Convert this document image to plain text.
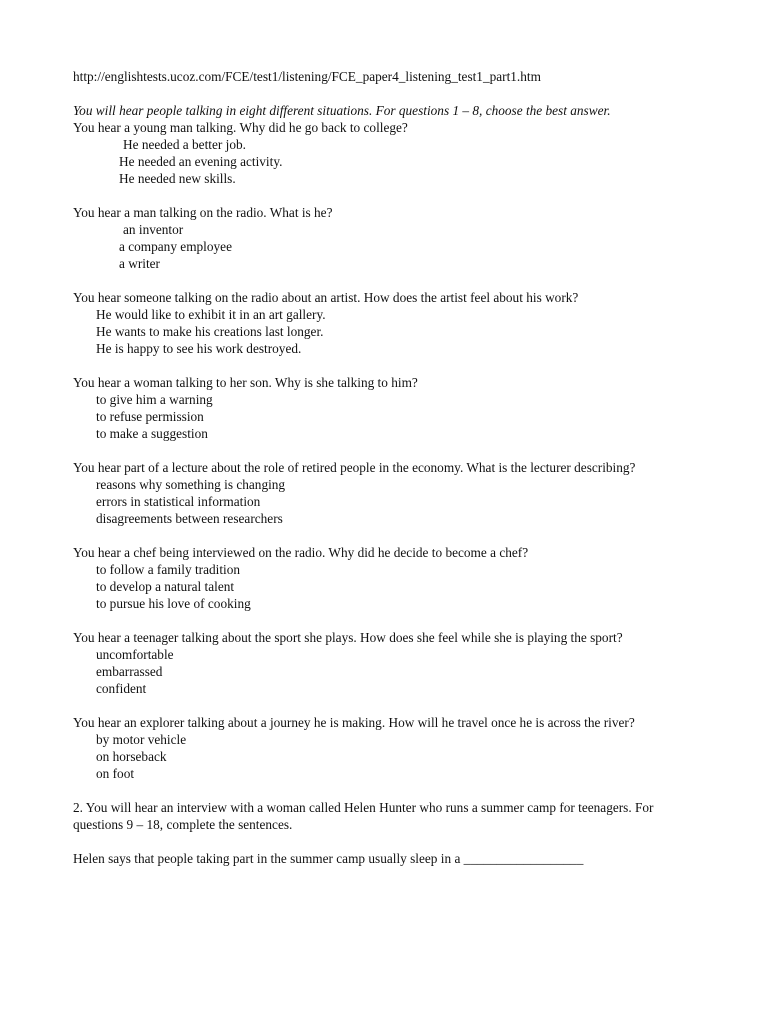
http://englishtests.ucoz.com/FCE/test1/listening/FCE_paper4_listening_test1_part1.htm
You will hear people talking in eight different situations. For questions 1 – 8, choose the best answer.
You hear a young man talking. Why did he go back to college?
He needed a better job.
He needed an evening activity.
He needed new skills.
You hear a man talking on the radio. What is he?
an inventor
a company employee
a writer
You hear someone talking on the radio about an artist. How does the artist feel about his work?
He would like to exhibit it in an art gallery.
He wants to make his creations last longer.
He is happy to see his work destroyed.
You hear a woman talking to her son. Why is she talking to him?
to give him a warning
to refuse permission
to make a suggestion
You hear part of a lecture about the role of retired people in the economy. What is the lecturer describing?
reasons why something is changing
errors in statistical information
disagreements between researchers
You hear a chef being interviewed on the radio. Why did he decide to become a chef?
to follow a family tradition
to develop a natural talent
to pursue his love of cooking
You hear a teenager talking about the sport she plays. How does she feel while she is playing the sport?
uncomfortable
embarrassed
confident
You hear an explorer talking about a journey he is making. How will he travel once he is across the river?
by motor vehicle
on horseback
on foot
2. You will hear an interview with a woman called Helen Hunter who runs a summer camp for teenagers. For questions 9 – 18, complete the sentences.
Helen says that people taking part in the summer camp usually sleep in a __________________
